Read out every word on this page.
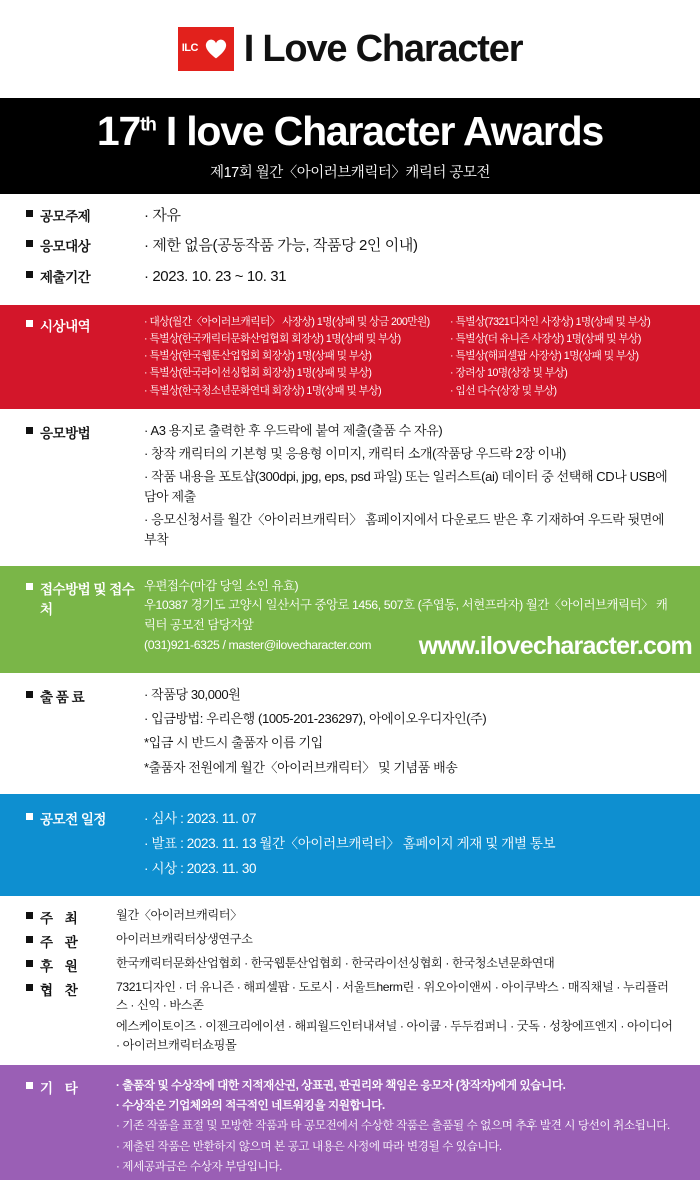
ILC I Love Character
17th I love Character Awards
제17회 월간〈아이러브캐릭터〉캐릭터 공모전
공모주제	· 자유
응모대상	· 제한 없음(공동작품 가능, 작품당 2인 이내)
제출기간	· 2023. 10. 23 ~ 10. 31
시상내역	· 대상(월간〈아이러브캐릭터〉 사장상) 1명(상패 및 상금 200만원)
· 특별상(한국캐릭터문화산업협회 회장상) 1명(상패 및 부상)
· 특별상(한국웹툰산업협회 회장상) 1명(상패 및 부상)
· 특별상(한국라이선싱협회 회장상) 1명(상패 및 부상)
· 특별상(한국청소년문화연대 회장상) 1명(상패 및 부상)
· 특별상(7321디자인 사장상) 1명(상패 및 부상)
· 특별상(더 유니즌 사장상) 1명(상패 및 부상)
· 특별상(해피셀팝 사장상) 1명(상패 및 부상)
· 장려상 10명(상장 및 부상)
· 입선 다수(상장 및 부상)
응모방법	· A3 용지로 출력한 후 우드락에 붙여 제출(출품 수 자유)
· 창작 캐릭터의 기본형 및 응용형 이미지, 캐릭터 소개(작품당 우드락 2장 이내)
· 작품 내용을 포토샵(300dpi, jpg, eps, psd 파일) 또는 일러스트(ai) 데이터 중 선택해 CD나 USB에 담아 제출
· 응모신청서를 월간〈아이러브캐릭터〉 홈페이지에서 다운로드 받은 후 기재하여 우드락 뒷면에 부착
접수방법 및 접수처
우편접수(마감 당일 소인 유효)
우10387 경기도 고양시 일산서구 중앙로 1456, 507호 (주엽동, 서현프라자) 월간〈아이러브캐릭터〉 캐릭터 공모전 담당자앞
(031)921-6325 / master@ilovecharacter.com	www.ilovecharacter.com
출 품 료	· 작품당 30,000원
· 입금방법: 우리은행 (1005-201-236297), 아에이오우디자인(주)
*입금 시 반드시 출품자 이름 기입
*출품자 전원에게 월간〈아이러브캐릭터〉 및 기념품 배송
공모전 일정	· 심사 : 2023. 11. 07
· 발표 : 2023. 11. 13 월간〈아이러브캐릭터〉 홈페이지 게재 및 개별 통보
· 시상 : 2023. 11. 30
주 최	월간〈아이러브캐릭터〉
주 관	아이러브캐릭터상생연구소
후 원	한국캐릭터문화산업협회 · 한국웹툰산업협회 · 한국라이선싱협회 · 한국청소년문화연대
협 찬	7321디자인 · 더 유니즌 · 해피셀팝 · 도로시 · 서울트herm린 · 위오아이앤씨 · 아이쿠박스 · 매직채널 · 누리플러스 · 신익 · 바스존
에스케이토이즈 · 이젠크리에이션 · 해피월드인터내셔널 · 아이쿱 · 두두컴퍼니 · 굿독 · 성창에프엔지 · 아이디어 · 아이러브캐릭터쇼핑몰
기 타	· 출품작 및 수상작에 대한 지적재산권, 상표권, 판권리와 책임은 응모자 (창작자)에게 있습니다.
· 수상작은 기업체와의 적극적인 네트워킹을 지원합니다.
· 기존 작품을 표절 및 모방한 작품과 타 공모전에서 수상한 작품은 출품될 수 없으며 추후 발견 시 당선이 취소됩니다.
· 제출된 작품은 반환하지 않으며 본 공고 내용은 사정에 따라 변경될 수 있습니다.
· 제세공과금은 수상자 부담입니다.
